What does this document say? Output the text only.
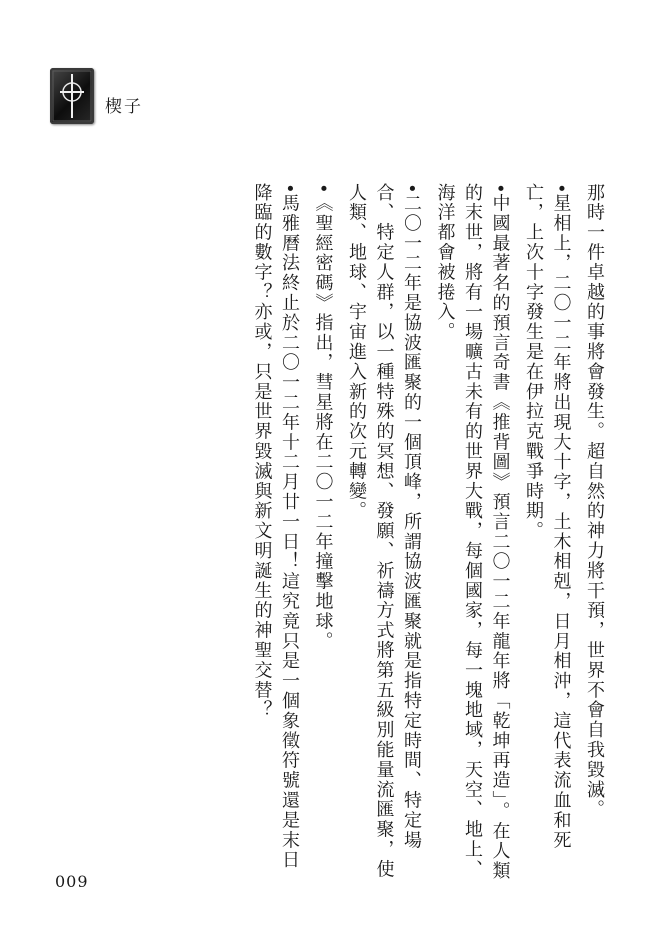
楔子

那時一件卓越的事將會發生。超自然的神力將干預，世界不會自我毀滅。

•星相上，二〇一二年將出現大十字，土木相剋，日月相沖，這代表流血和死亡，上次十字發生是在伊拉克戰爭時期。

•中國最著名的預言奇書《推背圖》預言二〇一二年龍年將「乾坤再造」。在人類的末世，將有一場曠古未有的世界大戰，每個國家，每一塊地域，天空、地上、海洋都會被捲入。

•二〇一二年是協波匯聚的一個頂峰，所謂協波匯聚就是指特定時間、特定場合、特定人群，以一種特殊的冥想、發願、祈禱方式將第五級別能量流匯聚，使人類、地球、宇宙進入新的次元轉變。

•《聖經密碼》指出，彗星將在二〇一二年撞擊地球。

•馬雅曆法終止於二〇一二年十二月廿一日！這究竟只是一個象徵符號還是末日降臨的數字？亦或，只是世界毀滅與新文明誕生的神聖交替？

009
